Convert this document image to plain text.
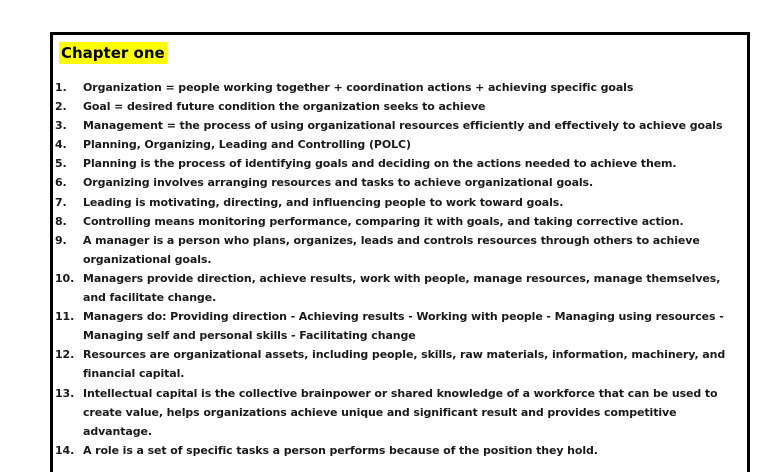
Chapter one
1.	Organization = people working together + coordination actions + achieving specific goals
2.	Goal = desired future condition the organization seeks to achieve
3.	Management = the process of using organizational resources efficiently and effectively to achieve goals
4.	Planning, Organizing, Leading and Controlling (POLC)
5.	Planning is the process of identifying goals and deciding on the actions needed to achieve them.
6.	Organizing involves arranging resources and tasks to achieve organizational goals.
7.	Leading is motivating, directing, and influencing people to work toward goals.
8.	Controlling means monitoring performance, comparing it with goals, and taking corrective action.
9.	A manager is a person who plans, organizes, leads and controls resources through others to achieve organizational goals.
10. Managers provide direction, achieve results, work with people, manage resources, manage themselves, and facilitate change.
11. Managers do: Providing direction - Achieving results - Working with people - Managing using resources - Managing self and personal skills - Facilitating change
12. Resources are organizational assets, including people, skills, raw materials, information, machinery, and financial capital.
13. Intellectual capital is the collective brainpower or shared knowledge of a workforce that can be used to create value, helps organizations achieve unique and significant result and provides competitive advantage.
14. A role is a set of specific tasks a person performs because of the position they hold.
